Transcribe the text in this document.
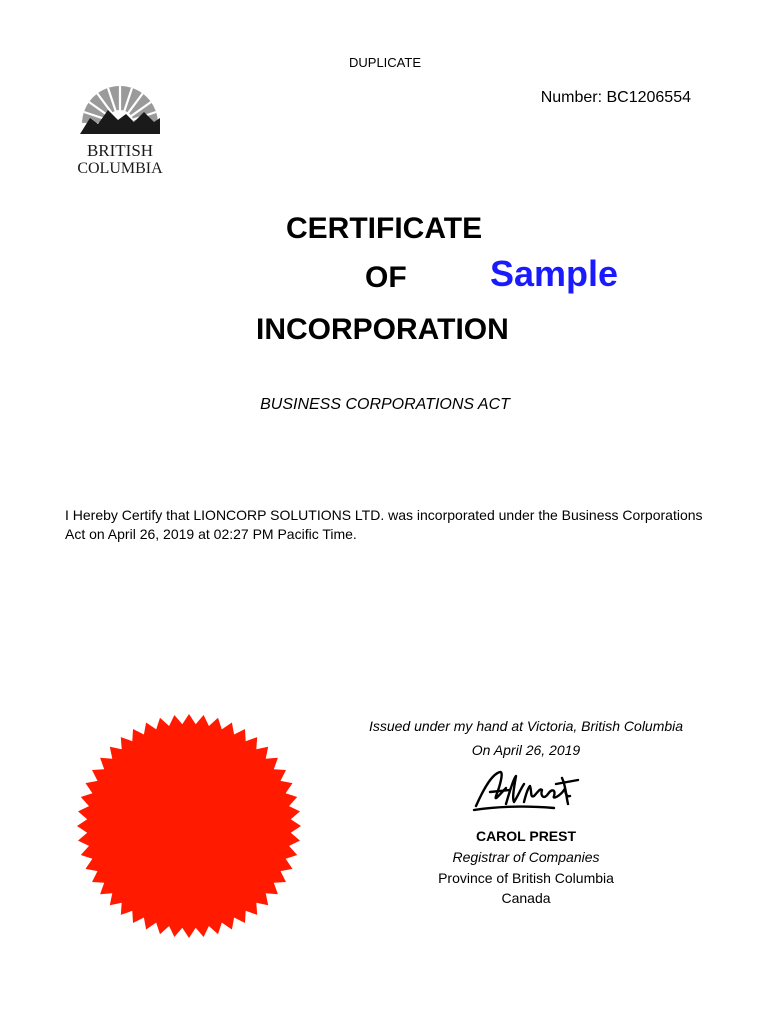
DUPLICATE
Number: BC1206554
BRITISH
COLUMBIA
CERTIFICATE
OF Sample
INCORPORATION
BUSINESS CORPORATIONS ACT
I Hereby Certify that LIONCORP SOLUTIONS LTD. was incorporated under the Business Corporations Act on April 26, 2019 at 02:27 PM Pacific Time.
Issued under my hand at Victoria, British Columbia
On April 26, 2019
CAROL PREST
Registrar of Companies
Province of British Columbia
Canada
